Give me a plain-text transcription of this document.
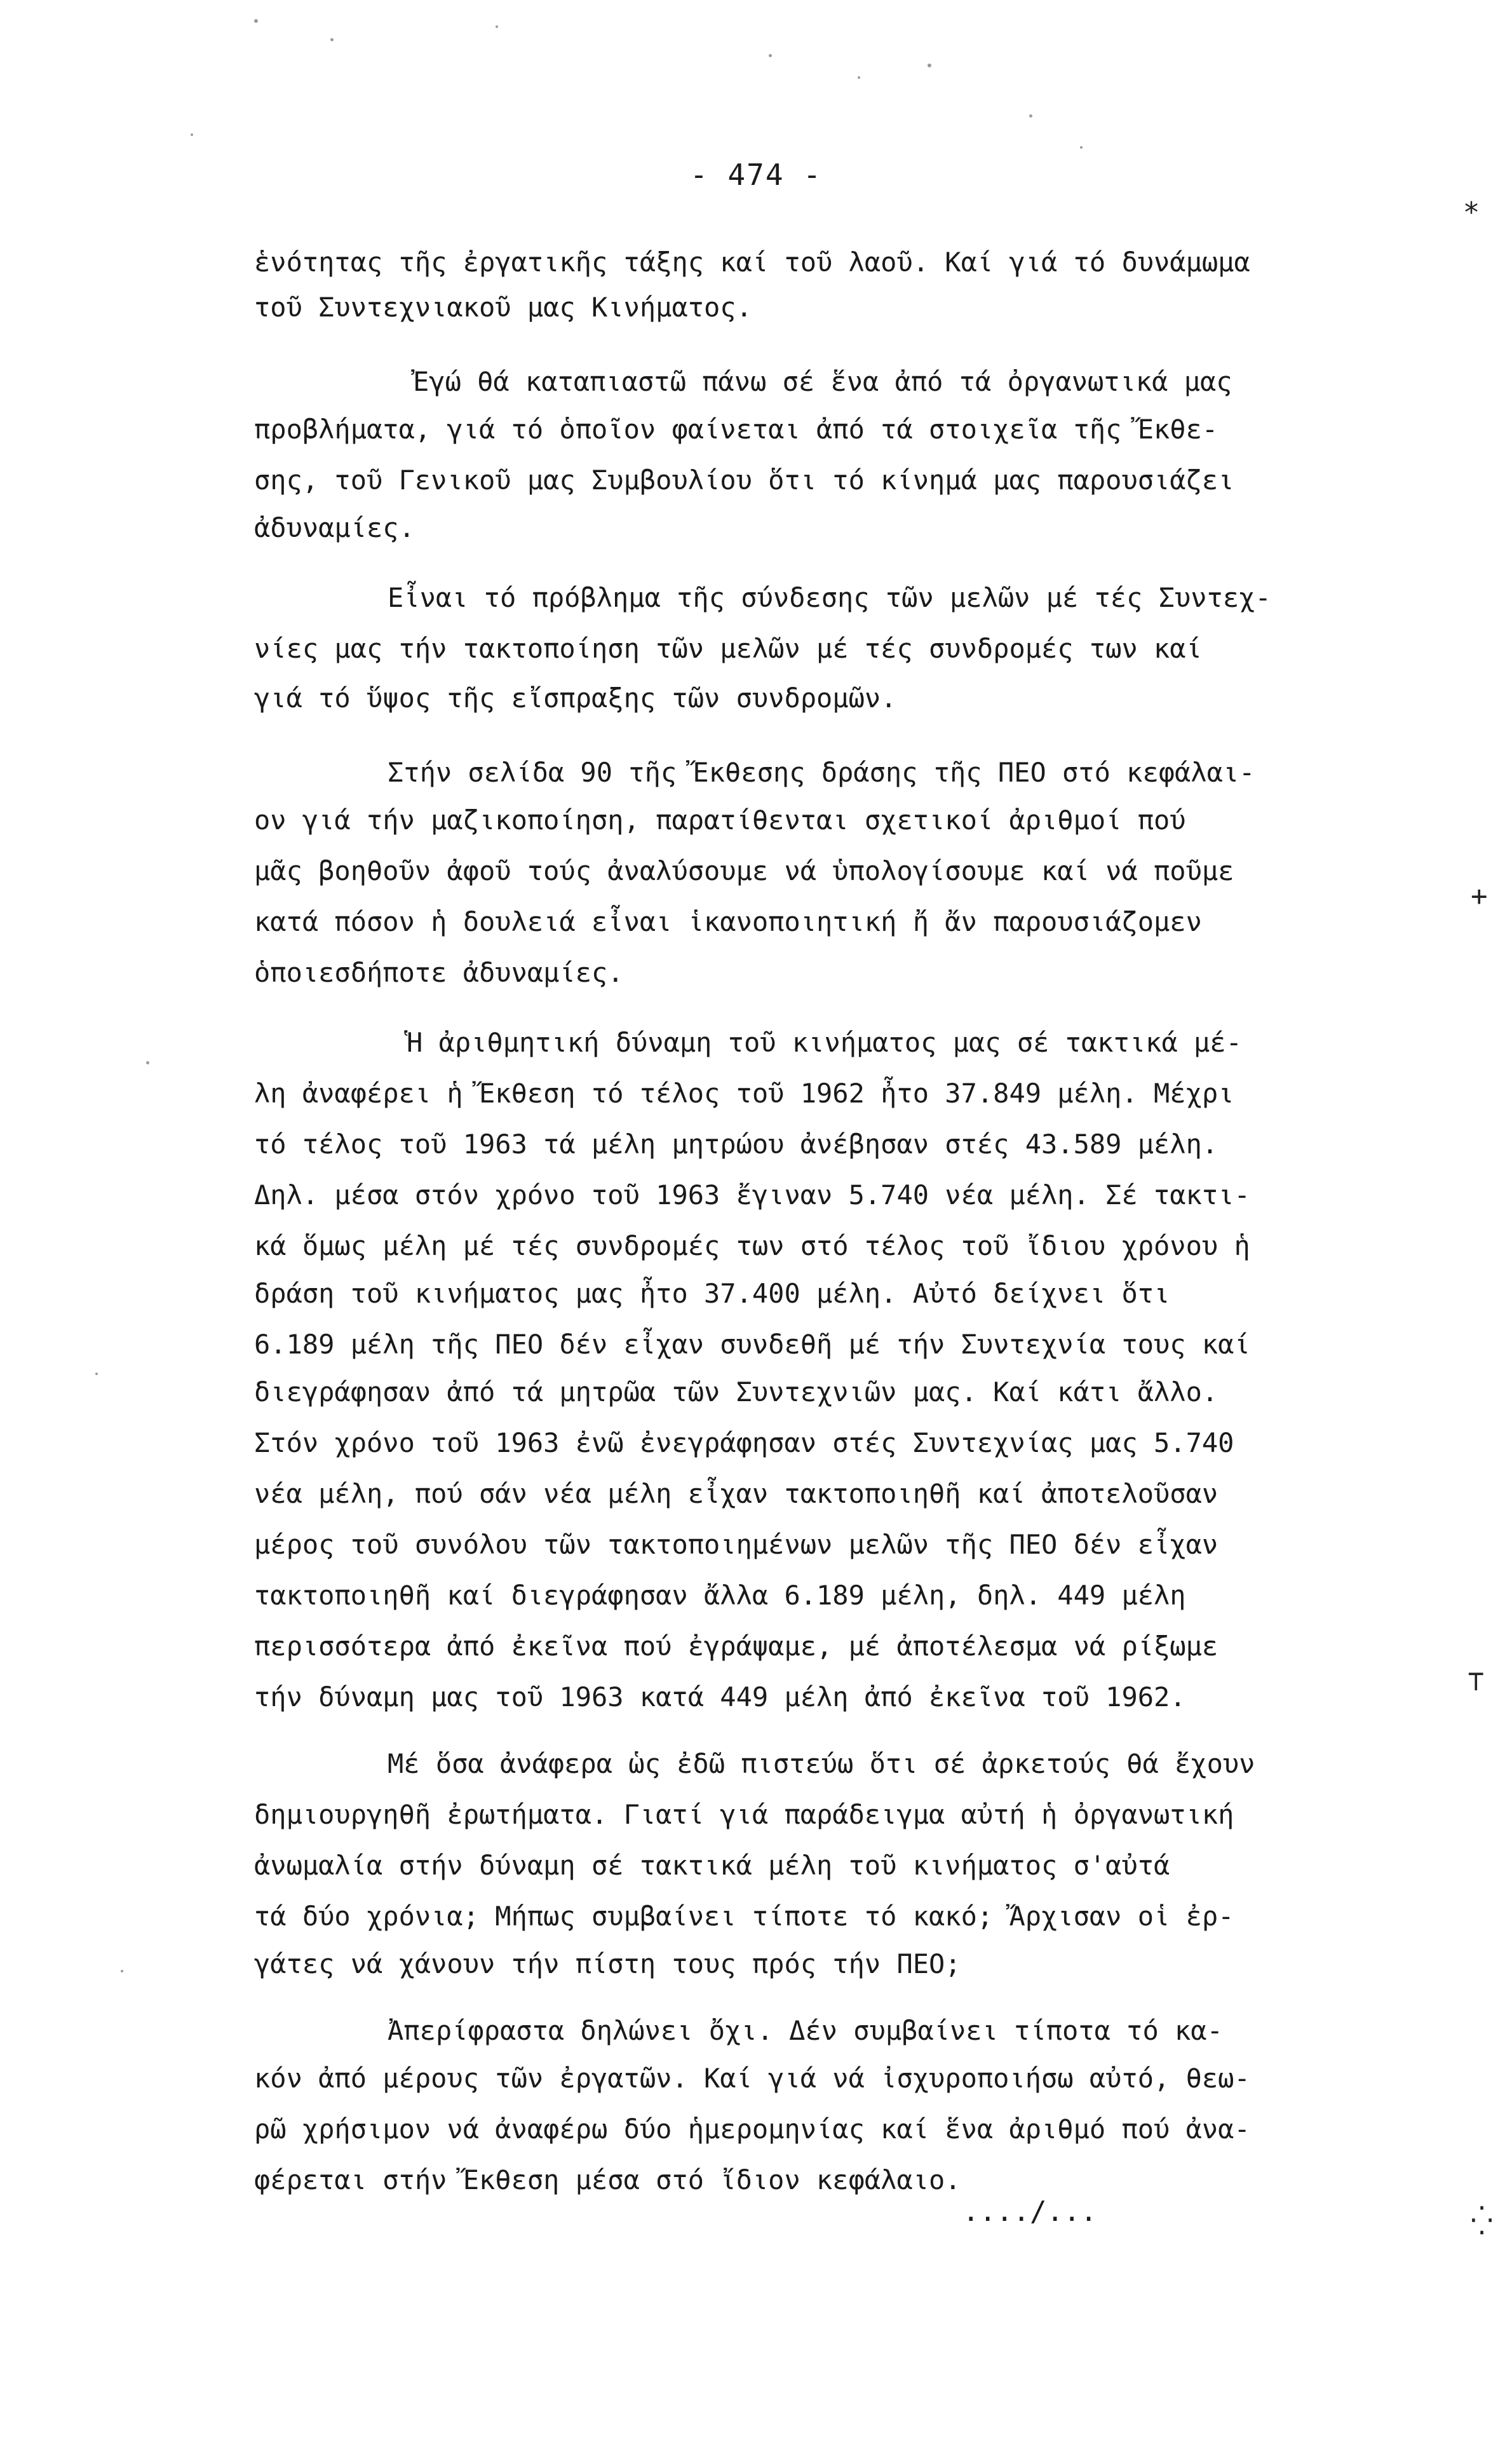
⁎
+
⊤
⁛
- 474 -
ἑνότητας τῆς ἐργατικῆς τάξης καί τοῦ λαοῦ. Καί γιά τό δυνάμωμα
τοῦ Συντεχνιακοῦ μας Κινήματος.
Ἐγώ θά καταπιαστῶ πάνω σέ ἕνα ἀπό τά ὀργανωτικά μας
προβλήματα, γιά τό ὁποῖον φαίνεται ἀπό τά στοιχεῖα τῆς Ἔκθε-
σης, τοῦ Γενικοῦ μας Συμβουλίου ὅτι τό κίνημά μας παρουσιάζει
ἀδυναμίες.
Εἶναι τό πρόβλημα τῆς σύνδεσης τῶν μελῶν μέ τές Συντεχ-
νίες μας τήν τακτοποίηση τῶν μελῶν μέ τές συνδρομές των καί
γιά τό ὕψος τῆς εἴσπραξης τῶν συνδρομῶν.
Στήν σελίδα 90 τῆς Ἔκθεσης δράσης τῆς ΠΕΟ στό κεφάλαι-
ον γιά τήν μαζικοποίηση, παρατίθενται σχετικοί ἀριθμοί πού
μᾶς βοηθοῦν ἀφοῦ τούς ἀναλύσουμε νά ὑπολογίσουμε καί νά ποῦμε
κατά πόσον ἡ δουλειά εἶναι ἱκανοποιητική ἤ ἄν παρουσιάζομεν
ὁποιεσδήποτε ἀδυναμίες.
Ἡ ἀριθμητική δύναμη τοῦ κινήματος μας σέ τακτικά μέ-
λη ἀναφέρει ἡ Ἔκθεση τό τέλος τοῦ 1962 ἦτο 37.849 μέλη. Μέχρι
τό τέλος τοῦ 1963 τά μέλη μητρώου ἀνέβησαν στές 43.589 μέλη.
Δηλ. μέσα στόν χρόνο τοῦ 1963 ἔγιναν 5.740 νέα μέλη. Σέ τακτι-
κά ὅμως μέλη μέ τές συνδρομές των στό τέλος τοῦ ἴδιου χρόνου ἡ
δράση τοῦ κινήματος μας ἦτο 37.400 μέλη. Αὐτό δείχνει ὅτι
6.189 μέλη τῆς ΠΕΟ δέν εἶχαν συνδεθῆ μέ τήν Συντεχνία τους καί
διεγράφησαν ἀπό τά μητρῶα τῶν Συντεχνιῶν μας. Καί κάτι ἄλλο.
Στόν χρόνο τοῦ 1963 ἐνῶ ἐνεγράφησαν στές Συντεχνίας μας 5.740
νέα μέλη, πού σάν νέα μέλη εἶχαν τακτοποιηθῆ καί ἀποτελοῦσαν
μέρος τοῦ συνόλου τῶν τακτοποιημένων μελῶν τῆς ΠΕΟ δέν εἶχαν
τακτοποιηθῆ καί διεγράφησαν ἄλλα 6.189 μέλη, δηλ. 449 μέλη
περισσότερα ἀπό ἐκεῖνα πού ἐγράψαμε, μέ ἀποτέλεσμα νά ρίξωμε
τήν δύναμη μας τοῦ 1963 κατά 449 μέλη ἀπό ἐκεῖνα τοῦ 1962.
Μέ ὅσα ἀνάφερα ὡς ἐδῶ πιστεύω ὅτι σέ ἀρκετούς θά ἔχουν
δημιουργηθῆ ἐρωτήματα. Γιατί γιά παράδειγμα αὐτή ἡ ὀργανωτική
ἀνωμαλία στήν δύναμη σέ τακτικά μέλη τοῦ κινήματος σ'αὐτά
τά δύο χρόνια; Μήπως συμβαίνει τίποτε τό κακό; Ἄρχισαν οἱ ἐρ-
γάτες νά χάνουν τήν πίστη τους πρός τήν ΠΕΟ;
Ἀπερίφραστα δηλώνει ὄχι. Δέν συμβαίνει τίποτα τό κα-
κόν ἀπό μέρους τῶν ἐργατῶν. Καί γιά νά ἰσχυροποιήσω αὐτό, θεω-
ρῶ χρήσιμον νά ἀναφέρω δύο ἡμερομηνίας καί ἕνα ἀριθμό πού ἀνα-
φέρεται στήν Ἔκθεση μέσα στό ἴδιον κεφάλαιο.
..../...
